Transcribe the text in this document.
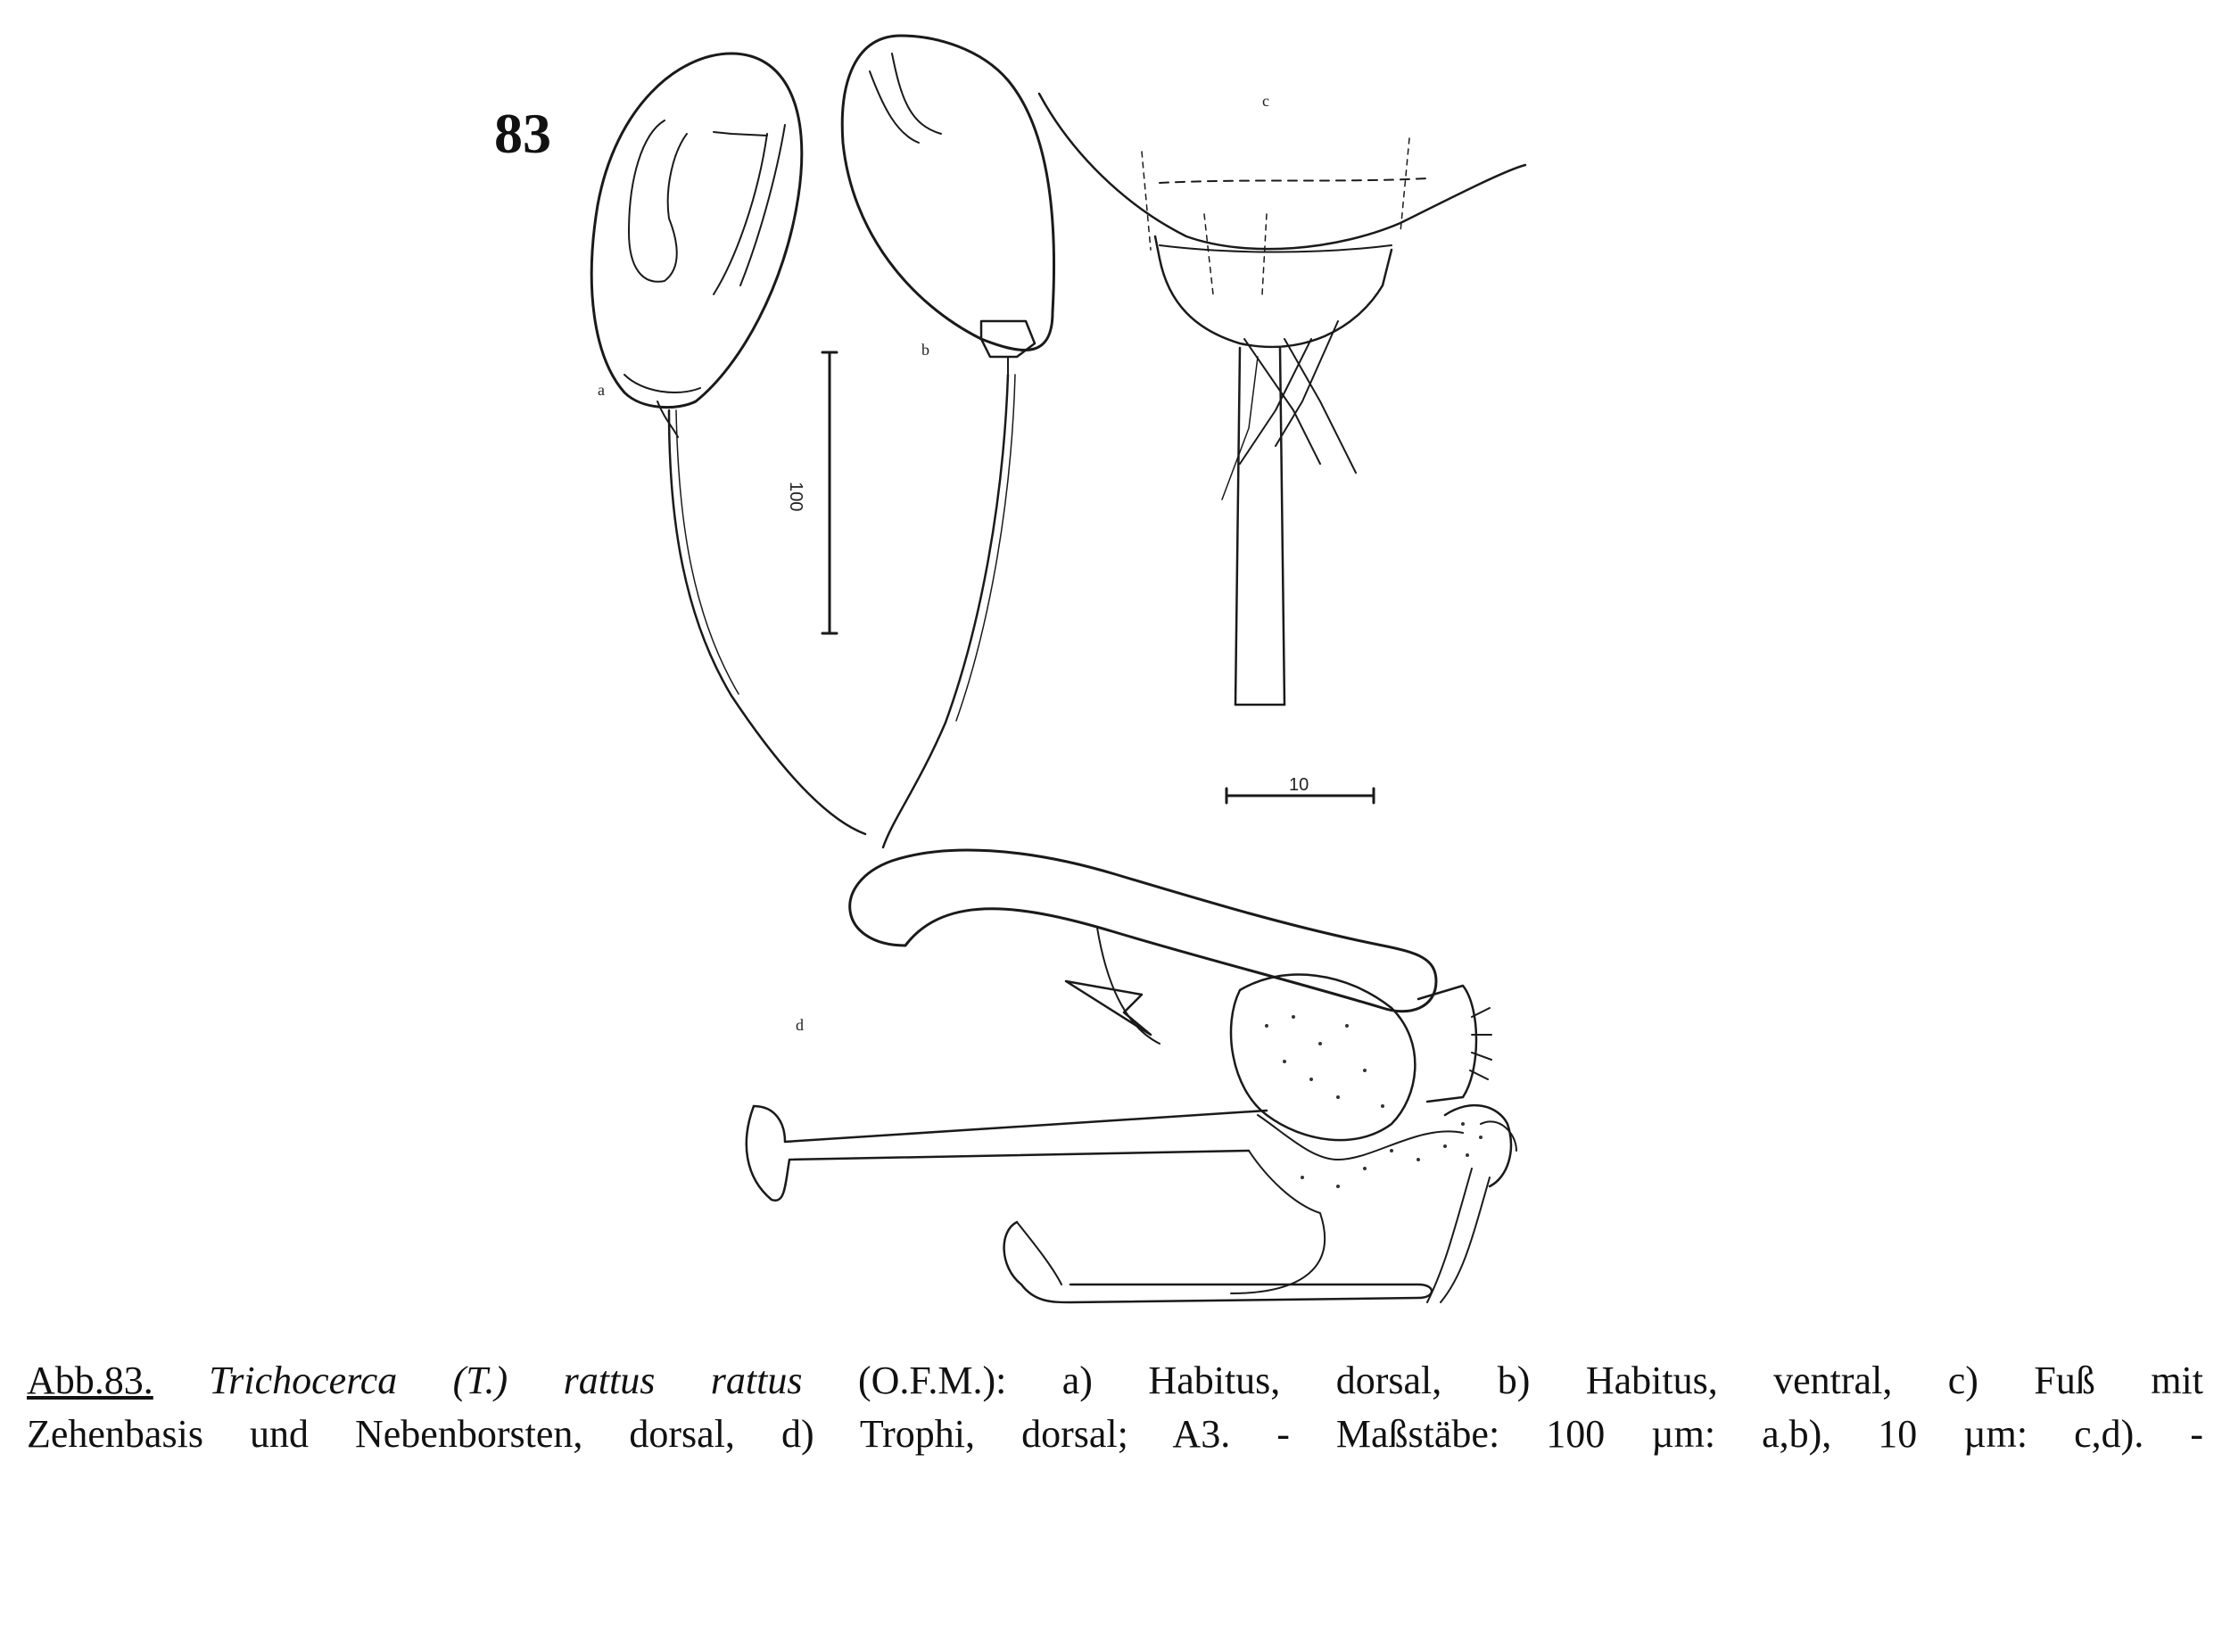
83
a
b
c
d
100
10
Abb.83. Trichocerca (T.) rattus rattus (O.F.M.): a) Habitus, dorsal, b) Habitus, ventral, c) Fuß mit
Zehenbasis und Nebenborsten, dorsal, d) Trophi, dorsal; A3. - Maßstäbe: 100 µm: a,b), 10 µm: c,d). -
